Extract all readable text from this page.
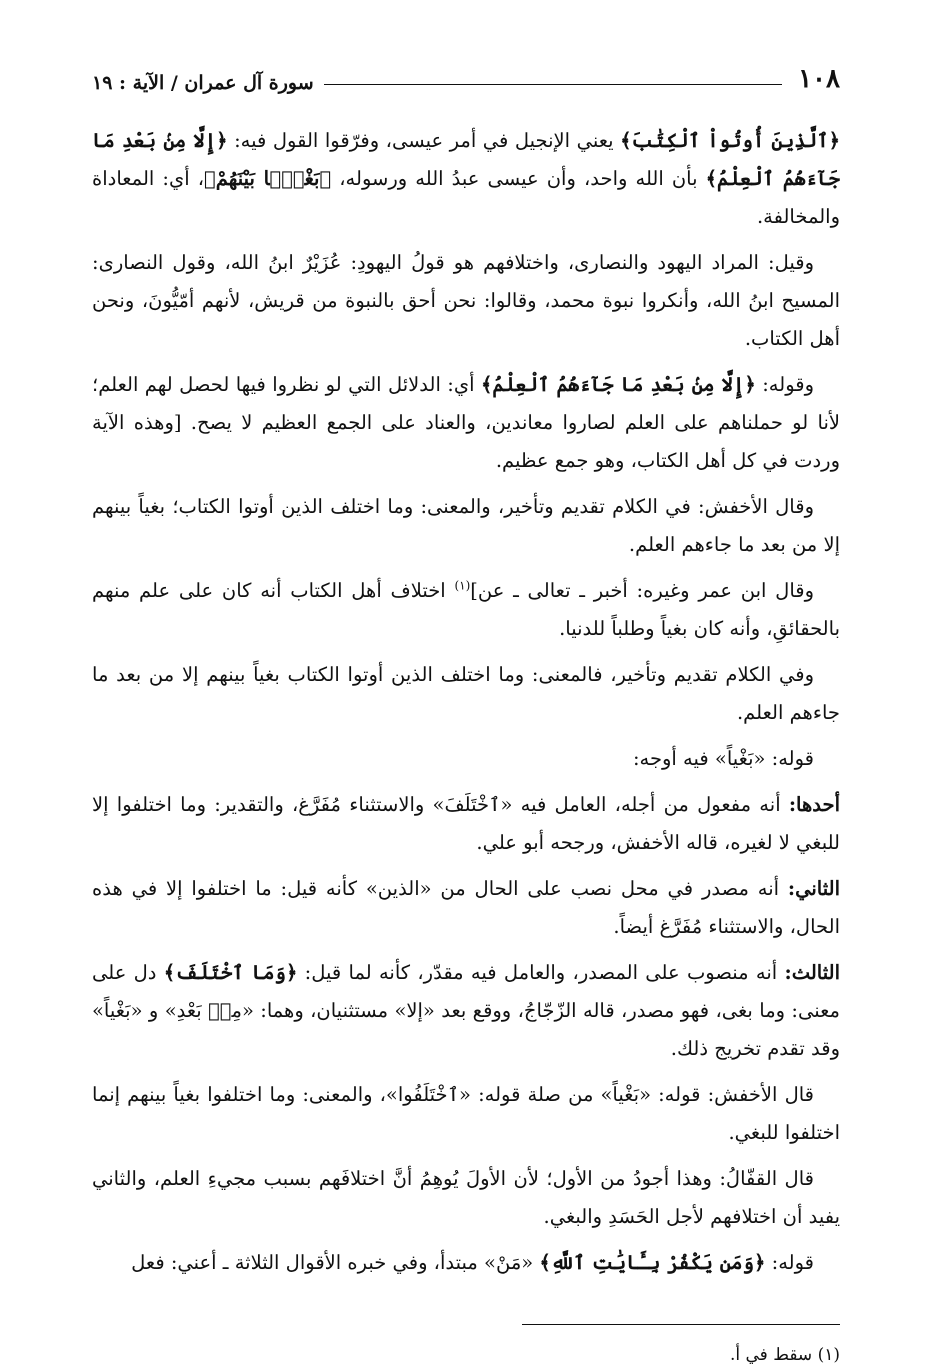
١٠٨
سورة آل عمران / الآية : ١٩

﴿ٱلَّذِينَ أُوتُواْ ٱلْكِتَٰبَ﴾ يعني الإنجيل في أمر عيسى، وفرّقوا القول فيه: ﴿إِلَّا مِنۢ بَعْدِ مَا جَآءَهُمُ ٱلْعِلْمُ﴾ بأن الله واحد، وأن عيسى عبدُ الله ورسوله، ﴿بَغْيَۢا بَيْنَهُمْ﴾، أي: المعاداة والمخالفة.

وقيل: المراد اليهود والنصارى، واختلافهم هو قولُ اليهودِ: عُزَيْرٌ ابنُ الله، وقول النصارى: المسيح ابنُ الله، وأنكروا نبوة محمد، وقالوا: نحن أحق بالنبوة من قريش، لأنهم أمّيُّونَ، ونحن أهل الكتاب.

وقوله: ﴿إِلَّا مِنۢ بَعْدِ مَا جَآءَهُمُ ٱلْعِلْمُ﴾ أي: الدلائل التي لو نظروا فيها لحصل لهم العلم؛ لأنا لو حملناهم على العلم لصاروا معاندين، والعناد على الجمع العظيم لا يصح. [وهذه الآية وردت في كل أهل الكتاب، وهو جمع عظيم.

وقال الأخفش: في الكلام تقديم وتأخير، والمعنى: وما اختلف الذين أوتوا الكتاب؛ بغياً بينهم إلا من بعد ما جاءهم العلم.

وقال ابن عمر وغيره: أخبر ـ تعالى ـ عن]$^{(١)}$ اختلاف أهل الكتاب أنه كان على علم منهم بالحقائقِ، وأنه كان بغياً وطلباً للدنيا.

وفي الكلام تقديم وتأخير، فالمعنى: وما اختلف الذين أوتوا الكتاب بغياً بينهم إلا من بعد ما جاءهم العلم.

قوله: «بَغْياً» فيه أوجه:

أحدها: أنه مفعول من أجله، العامل فيه «ٱخْتَلَفَ» والاستثناء مُفَرَّغ، والتقدير: وما اختلفوا إلا للبغي لا لغيره، قاله الأخفش، ورجحه أبو علي.

الثاني: أنه مصدر في محل نصب على الحال من «الذين» كأنه قيل: ما اختلفوا إلا في هذه الحال، والاستثناء مُفَرَّغ أيضاً.

الثالث: أنه منصوب على المصدر، والعامل فيه مقدّر، كأنه لما قيل: ﴿وَمَا ٱخْتَلَفَ﴾ دل على معنى: وما بغى، فهو مصدر، قاله الزّجّاجُ، ووقع بعد «إلا» مستثنيان، وهما: «مِنۢ بَعْدِ» و «بَغْياً» وقد تقدم تخريج ذلك.

قال الأخفش: قوله: «بَغْياً» من صلة قوله: «ٱخْتَلَفُوا»، والمعنى: وما اختلفوا بغياً بينهم إنما اختلفوا للبغي.

قال القفّالُ: وهذا أجودُ من الأول؛ لأن الأولَ يُوهِمُ أنَّ اختلافَهم بسبب مجيءِ العلم، والثاني يفيد أن اختلافهم لأجل الحَسَدِ والبغي.

قوله: ﴿وَمَن يَكْفُرْ بِـَٔايَٰتِ ٱللَّهِ﴾ «مَنْ» مبتدأ، وفي خبره الأقوال الثلاثة ـ أعني: فعل

(١) سقط في أ.
